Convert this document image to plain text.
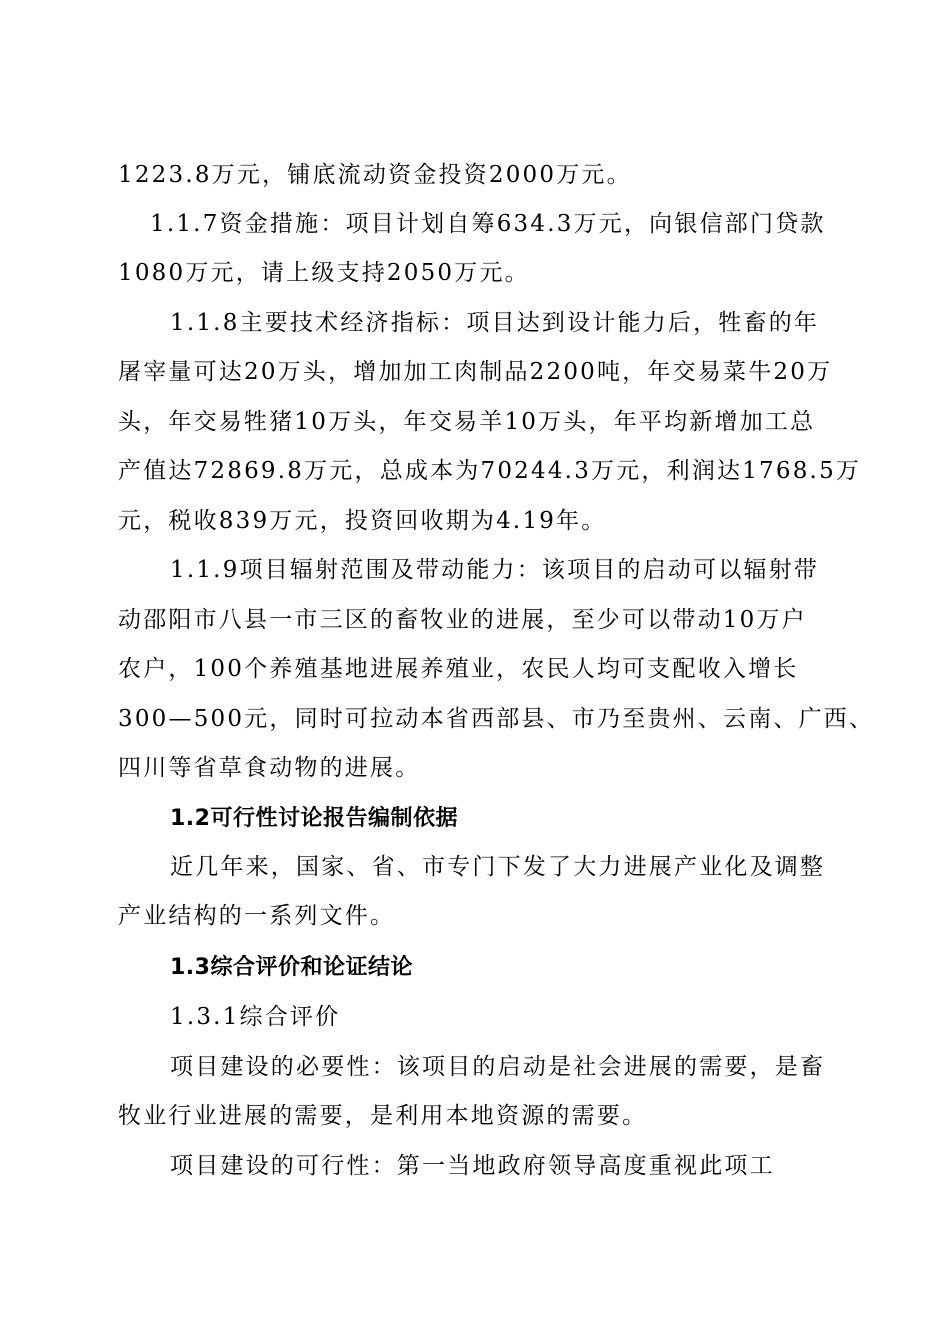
1223.8万元，铺底流动资金投资2000万元。
1.1.7资金措施：项目计划自筹634.3万元，向银信部门贷款
1080万元，请上级支持2050万元。
1.1.8主要技术经济指标：项目达到设计能力后，牲畜的年
屠宰量可达20万头，增加加工肉制品2200吨，年交易菜牛20万
头，年交易牲猪10万头，年交易羊10万头，年平均新增加工总
产值达72869.8万元，总成本为70244.3万元，利润达1768.5万
元，税收839万元，投资回收期为4.19年。
1.1.9项目辐射范围及带动能力：该项目的启动可以辐射带
动邵阳市八县一市三区的畜牧业的进展，至少可以带动10万户
农户，100个养殖基地进展养殖业，农民人均可支配收入增长
300—500元，同时可拉动本省西部县、市乃至贵州、云南、广西、
四川等省草食动物的进展。
1.2可行性讨论报告编制依据
近几年来，国家、省、市专门下发了大力进展产业化及调整
产业结构的一系列文件。
1.3综合评价和论证结论
1.3.1综合评价
项目建设的必要性：该项目的启动是社会进展的需要，是畜
牧业行业进展的需要，是利用本地资源的需要。
项目建设的可行性：第一当地政府领导高度重视此项工
